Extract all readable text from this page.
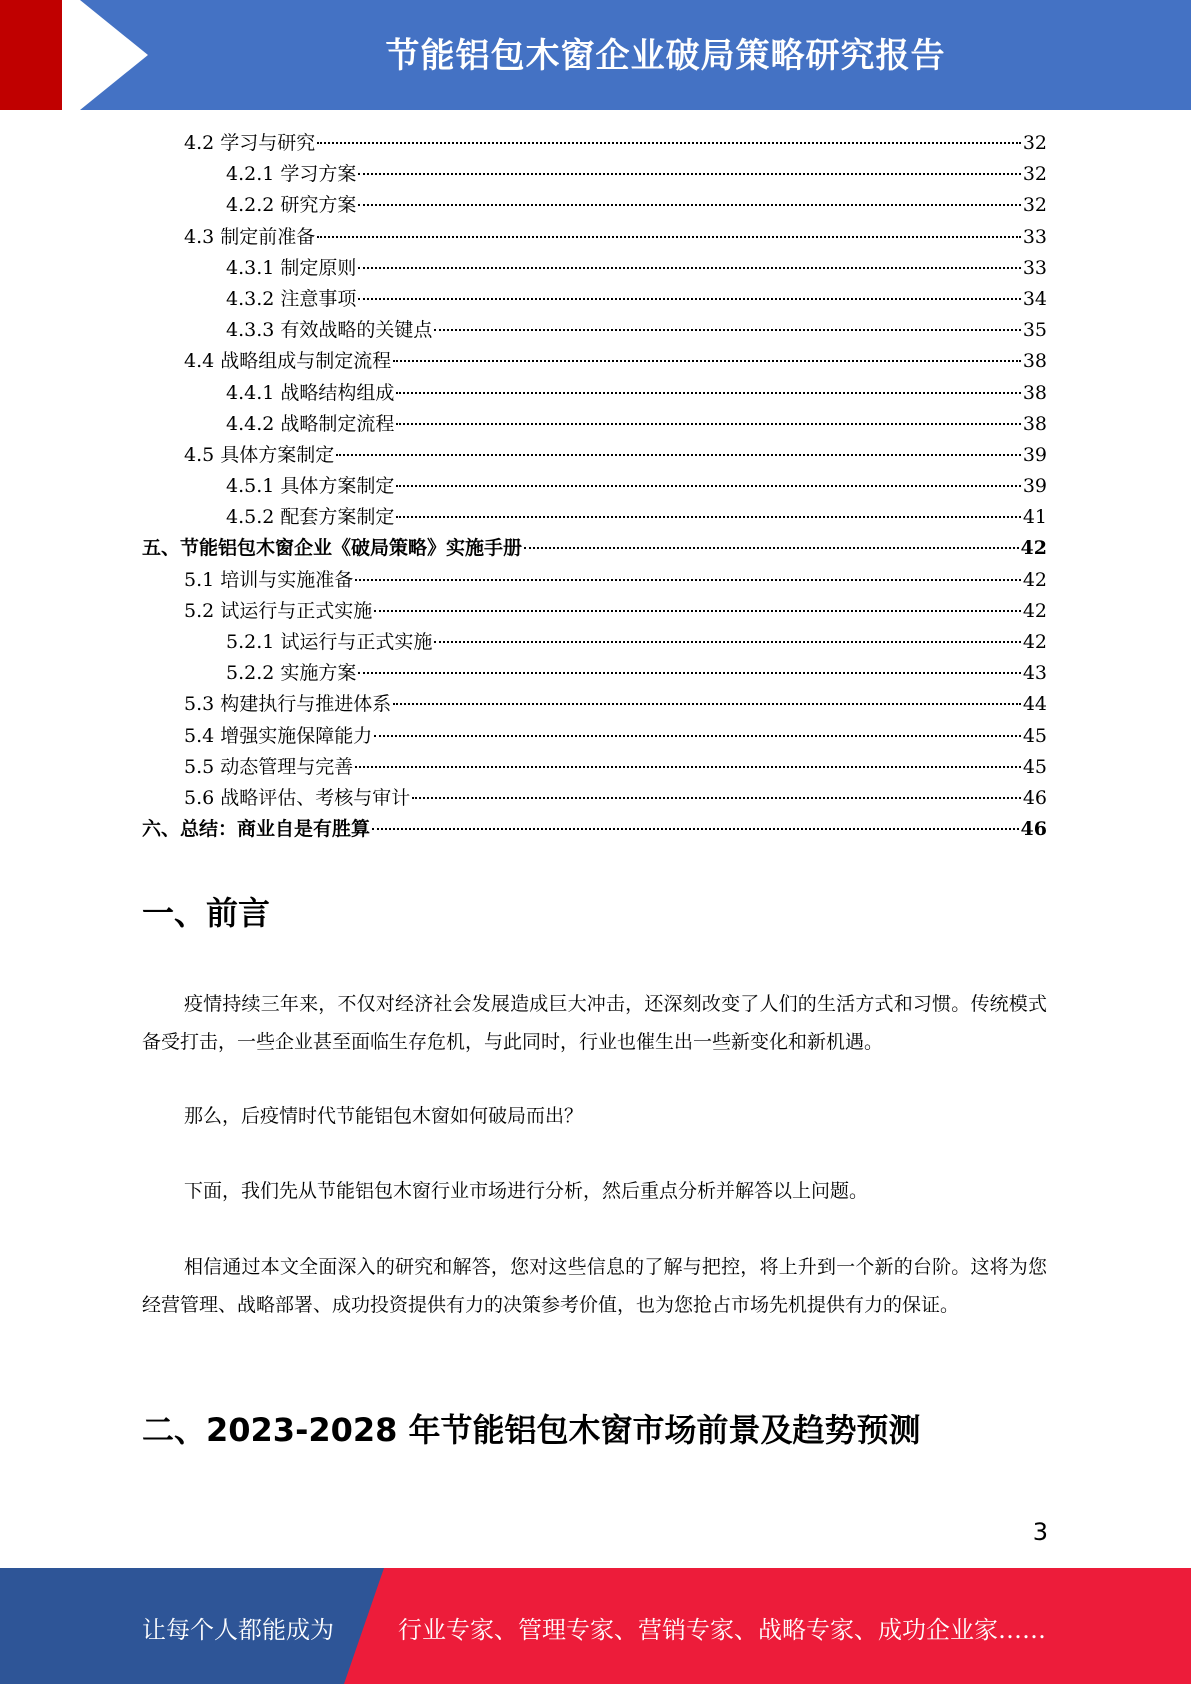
节能铝包木窗企业破局策略研究报告
4.2 学习与研究	32
4.2.1 学习方案	32
4.2.2 研究方案	32
4.3 制定前准备	33
4.3.1 制定原则	33
4.3.2 注意事项	34
4.3.3 有效战略的关键点	35
4.4 战略组成与制定流程	38
4.4.1 战略结构组成	38
4.4.2 战略制定流程	38
4.5 具体方案制定	39
4.5.1 具体方案制定	39
4.5.2 配套方案制定	41
五、节能铝包木窗企业《破局策略》实施手册	42
5.1 培训与实施准备	42
5.2 试运行与正式实施	42
5.2.1 试运行与正式实施	42
5.2.2 实施方案	43
5.3 构建执行与推进体系	44
5.4 增强实施保障能力	45
5.5 动态管理与完善	45
5.6 战略评估、考核与审计	46
六、总结：商业自是有胜算	46
一、前言
疫情持续三年来，不仅对经济社会发展造成巨大冲击，还深刻改变了人们的生活方式和习惯。传统模式备受打击，一些企业甚至面临生存危机，与此同时，行业也催生出一些新变化和新机遇。
那么，后疫情时代节能铝包木窗如何破局而出？
下面，我们先从节能铝包木窗行业市场进行分析，然后重点分析并解答以上问题。
相信通过本文全面深入的研究和解答，您对这些信息的了解与把控，将上升到一个新的台阶。这将为您经营管理、战略部署、成功投资提供有力的决策参考价值，也为您抢占市场先机提供有力的保证。
二、2023-2028 年节能铝包木窗市场前景及趋势预测
3
让每个人都能成为	行业专家、管理专家、营销专家、战略专家、成功企业家……
